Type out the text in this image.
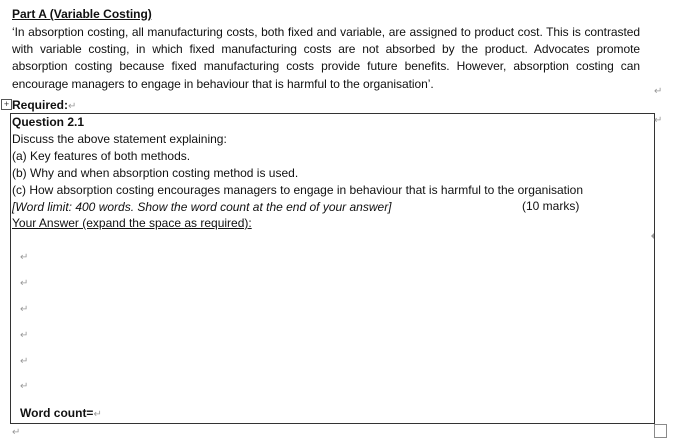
Part A (Variable Costing)
‘In absorption costing, all manufacturing costs, both fixed and variable, are assigned to product cost. This is contrasted with variable costing, in which fixed manufacturing costs are not absorbed by the product. Advocates promote absorption costing because fixed manufacturing costs provide future benefits. However, absorption costing can encourage managers to engage in behaviour that is harmful to the organisation’.
↵
+ Required:↵
↵
Question 2.1
Discuss the above statement explaining:
(a) Key features of both methods.
(b) Why and when absorption costing method is used.
(c) How absorption costing encourages managers to engage in behaviour that is harmful to the organisation
[Word limit: 400 words. Show the word count at the end of your answer]	(10 marks)
Your Answer (expand the space as required):
↵
↵
↵
↵
↵
↵
Word count=↵
↵
